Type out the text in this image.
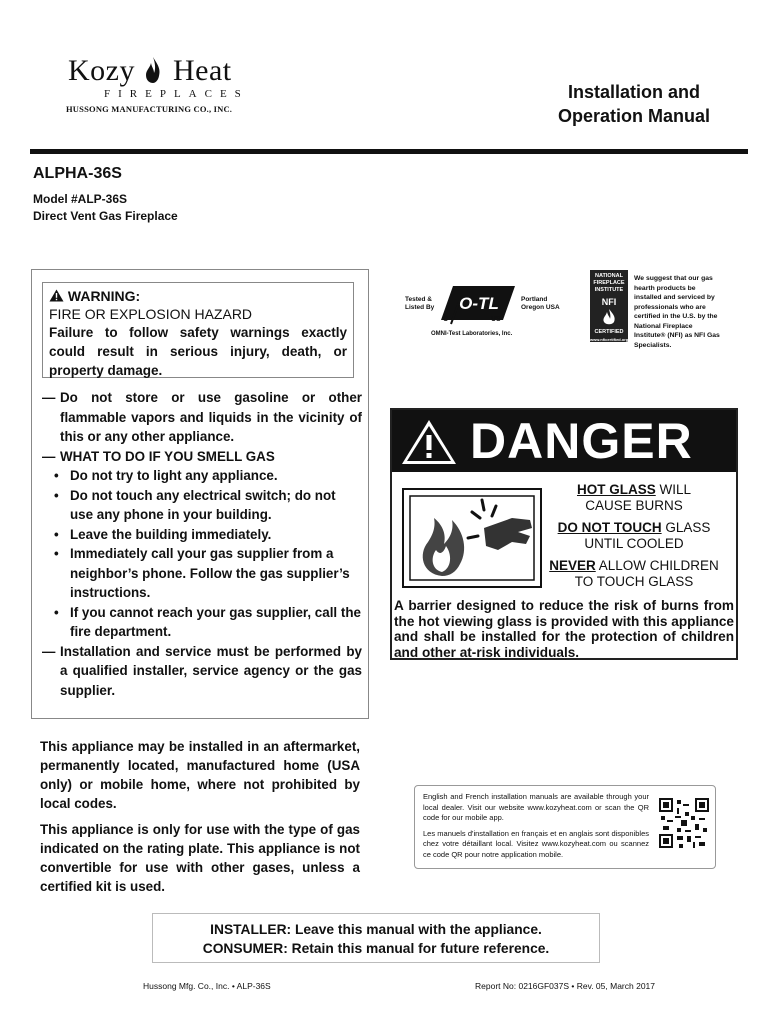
Kozy Heat
FIREPLACES
HUSSONG MANUFACTURING CO., INC.
Installation and
Operation Manual
ALPHA-36S
Model #ALP-36S
Direct Vent Gas Fireplace
WARNING:
FIRE OR EXPLOSION HAZARD
Failure to follow safety warnings exactly could result in serious injury, death, or property damage.
— Do not store or use gasoline or other flammable vapors and liquids in the vicinity of this or any other appliance.
— WHAT TO DO IF YOU SMELL GAS
• Do not try to light any appliance.
• Do not touch any electrical switch; do not use any phone in your building.
• Leave the building immediately.
• Immediately call your gas supplier from a neighbor’s phone. Follow the gas supplier’s instructions.
• If you cannot reach your gas supplier, call the fire department.
— Installation and service must be performed by a qualified installer, service agency or the gas supplier.

This appliance may be installed in an aftermarket, permanently located, manufactured home (USA only) or mobile home, where not prohibited by local codes.

This appliance is only for use with the type of gas indicated on the rating plate. This appliance is not convertible for use with other gases, unless a certified kit is used.

Tested &
Listed By O-TL	Portland
Oregon USA
C	US
OMNI-Test Laboratories, Inc.
NATIONAL
FIREPLACE
INSTITUTE
NFI
CERTIFIED
www.nficertified.org
We suggest that our gas hearth products be installed and serviced by professionals who are certified in the U.S. by the National Fireplace Institute® (NFI) as NFI Gas Specialists.
DANGER
HOT GLASS WILL
CAUSE BURNS
DO NOT TOUCH GLASS
UNTIL COOLED
NEVER ALLOW CHILDREN
TO TOUCH GLASS
A barrier designed to reduce the risk of burns from the hot viewing glass is provided with this appliance and shall be installed for the protection of children and other at-risk individuals.

English and French installation manuals are available through your local dealer. Visit our website www.kozyheat.com or scan the QR code for our mobile app.

Les manuels d'installation en français et en anglais sont disponibles chez votre détaillant local. Visitez www.kozyheat.com ou scannez ce code QR pour notre application mobile.

INSTALLER: Leave this manual with the appliance.
CONSUMER: Retain this manual for future reference.
Hussong Mfg. Co., Inc. • ALP-36S	Report No: 0216GF037S • Rev. 05, March 2017
